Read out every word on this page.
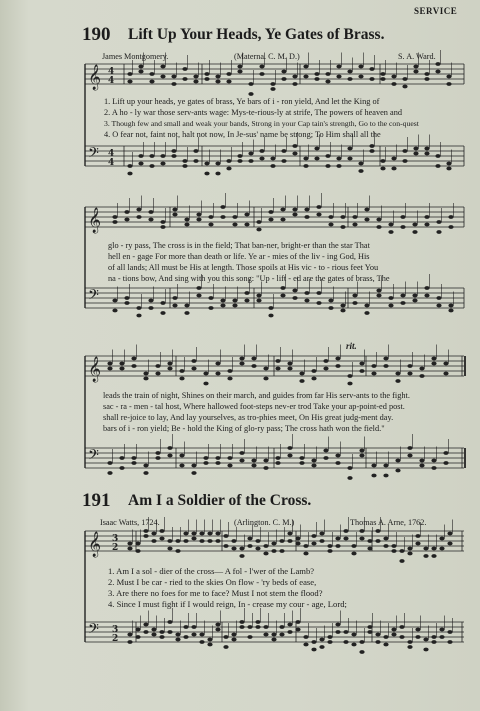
SERVICE
190 Lift Up Your Heads, Ye Gates of Brass.
James Montgomery.	(Materna. C. M. D.)	S. A. Ward.
𝄞
𝄢
𝄞
𝄢
𝄞
𝄢
𝄞
𝄢
4
4
4
4
3
2
3
2
1. Lift up your heads, ye gates of brass, Ye bars of i - ron yield, And let the King of
2. A ho - ly war those serv-ants wage: Mys-te-rious-ly at strife, The powers of heaven and
3. Though few and small and weak your bands, Strong in your Cap tain's strength, Go to the con-quest
4. O fear not, faint not, halt not now, In Je-sus' name be strong; To Him shall all the
glo - ry pass, The cross is in the field; That ban-ner, bright-er than the star That
hell en - gage For more than death or life. Ye ar - mies of the liv - ing God, His
of all lands; All must be His at length. Those spoils at His vic - to - rious feet You
na - tions bow, And sing with you this song: "Up - lift - ed are the gates of brass, The
rit.
leads the train of night, Shines on their march, and guides from far His serv-ants to the fight.
sac - ra - men - tal host, Where hallowed foot-steps nev-er trod Take your ap-point-ed post.
shall re-joice to lay, And lay yourselves, as tro-phies meet, On His great judg-ment day.
bars of i - ron yield; Be - hold the King of glo-ry pass; The cross hath won the field."
191 Am I a Soldier of the Cross.
Isaac Watts, 1724.	(Arlington. C. M.)	Thomas A. Arne, 1762.
1. Am I a sol - dier of the cross— A fol - l'wer of the Lamb?
2. Must I be car - ried to the skies On flow - 'ry beds of ease,
3. Are there no foes for me to face? Must I not stem the flood?
4. Since I must fight if I would reign, In - crease my cour - age, Lord;
